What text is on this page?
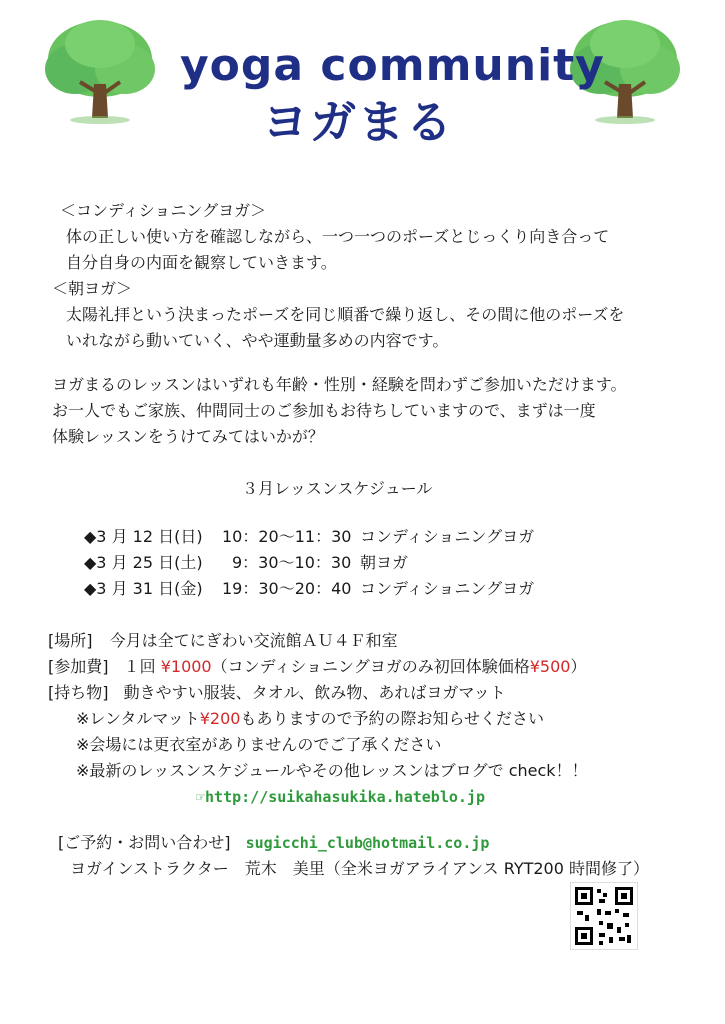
yoga community
ヨガまる
＜コンディショニングヨガ＞
体の正しい使い方を確認しながら、一つ一つのポーズとじっくり向き合って
自分自身の内面を観察していきます。
＜朝ヨガ＞
太陽礼拝という決まったポーズを同じ順番で繰り返し、その間に他のポーズを
いれながら動いていく、やや運動量多めの内容です。
ヨガまるのレッスンはいずれも年齢・性別・経験を問わずご参加いただけます。
お一人でもご家族、仲間同士のご参加もお待ちしていますので、まずは一度
体験レッスンをうけてみてはいかが？
３月レッスンスケジュール
◆3 月 12 日(日) 10：20～11：30 コンディショニングヨガ
◆3 月 25 日(土) 9：30～10：30 朝ヨガ
◆3 月 31 日(金) 19：30～20：40 コンディショニングヨガ
[場所] 今月は全てにぎわい交流館ＡＵ４Ｆ和室
[参加費] １回 ¥1000（コンディショニングヨガのみ初回体験価格¥500）
[持ち物] 動きやすい服装、タオル、飲み物、あればヨガマット
※レンタルマット¥200もありますので予約の際お知らせください
※会場には更衣室がありませんのでご了承ください
※最新のレッスンスケジュールやその他レッスンはブログで check！！
☞http://suikahasukika.hateblo.jp
[ご予約・お問い合わせ] sugicchi_club@hotmail.co.jp
ヨガインストラクター　荒木　美里（全米ヨガアライアンス RYT200 時間修了）
